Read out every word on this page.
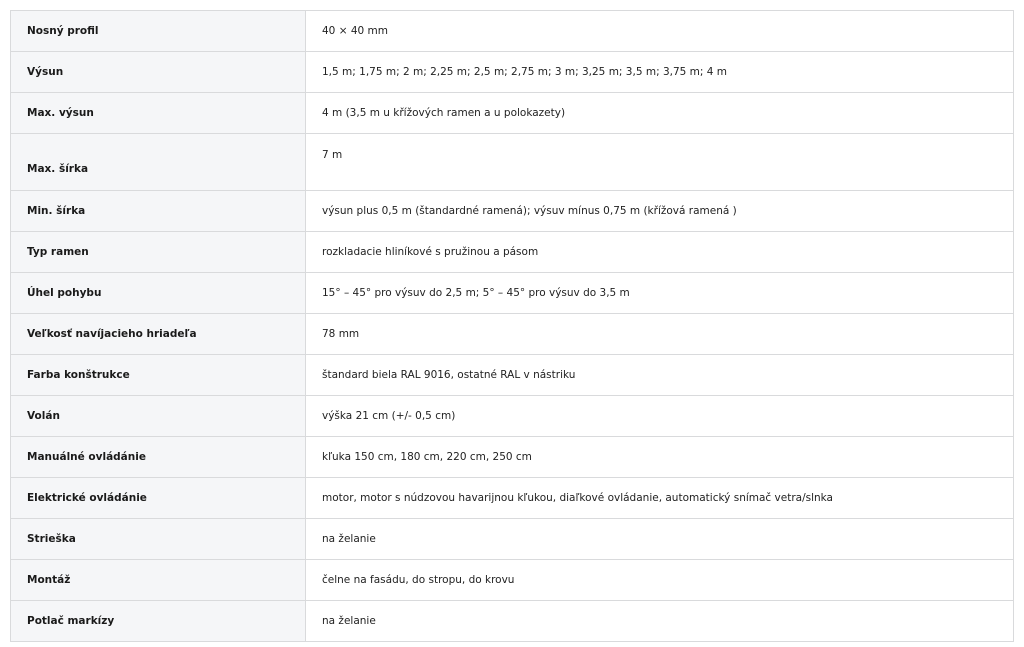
Nosný profil	40 × 40 mm
Výsun	1,5 m; 1,75 m; 2 m; 2,25 m; 2,5 m; 2,75 m; 3 m; 3,25 m; 3,5 m; 3,75 m; 4 m
Max. výsun	4 m (3,5 m u křížových ramen a u polokazety)
Max. šírka	7 m
Min. šírka	výsun plus 0,5 m (štandardné ramená); výsuv mínus 0,75 m (křížová ramená )
Typ ramen	rozkladacie hliníkové s pružinou a pásom
Úhel pohybu	15° – 45° pro výsuv do 2,5 m; 5° – 45° pro výsuv do 3,5 m
Veľkosť navíjacieho hriadeľa	78 mm
Farba konštrukce	štandard biela RAL 9016, ostatné RAL v nástriku
Volán	výška 21 cm (+/- 0,5 cm)
Manuálné ovládánie	kľuka 150 cm, 180 cm, 220 cm, 250 cm
Elektrické ovládánie	motor, motor s núdzovou havarijnou kľukou, diaľkové ovládanie, automatický snímač vetra/slnka
Strieška	na želanie
Montáž	čelne na fasádu, do stropu, do krovu
Potlač markízy	na želanie
